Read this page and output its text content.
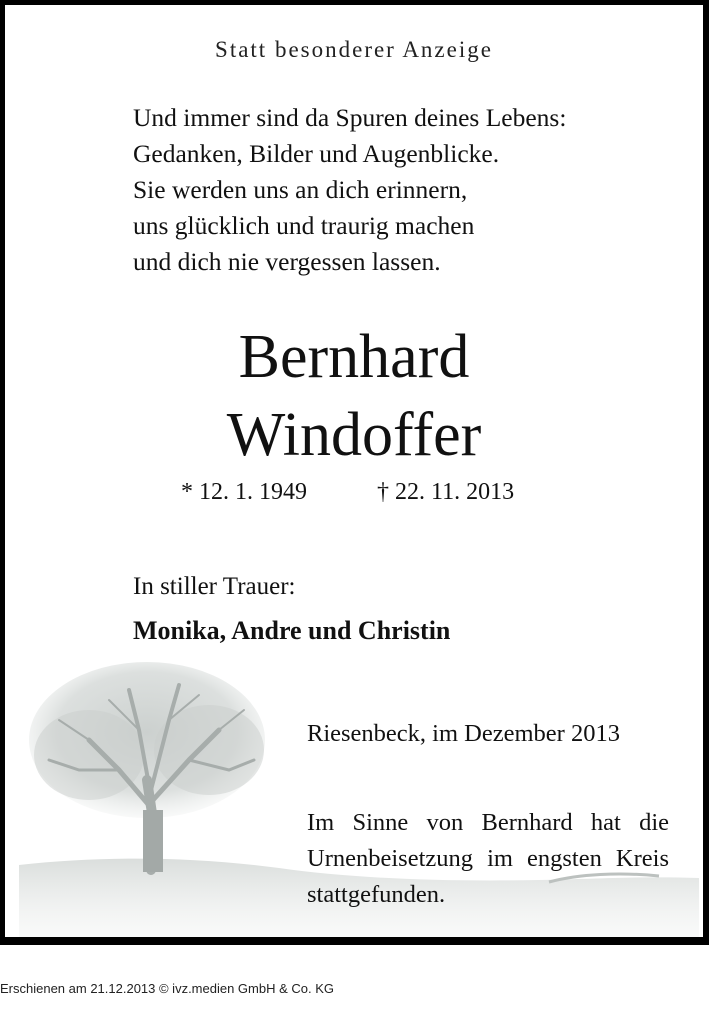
Statt besonderer Anzeige
Und immer sind da Spuren deines Lebens:
Gedanken, Bilder und Augenblicke.
Sie werden uns an dich erinnern,
uns glücklich und traurig machen
und dich nie vergessen lassen.
Bernhard
Windoffer
* 12. 1. 1949	† 22. 11. 2013
In stiller Trauer:
Monika, Andre und Christin
Riesenbeck, im Dezember 2013
Im Sinne von Bernhard hat die Urnenbeisetzung im engsten Kreis stattgefunden.
Erschienen am 21.12.2013 © ivz.medien GmbH & Co. KG
